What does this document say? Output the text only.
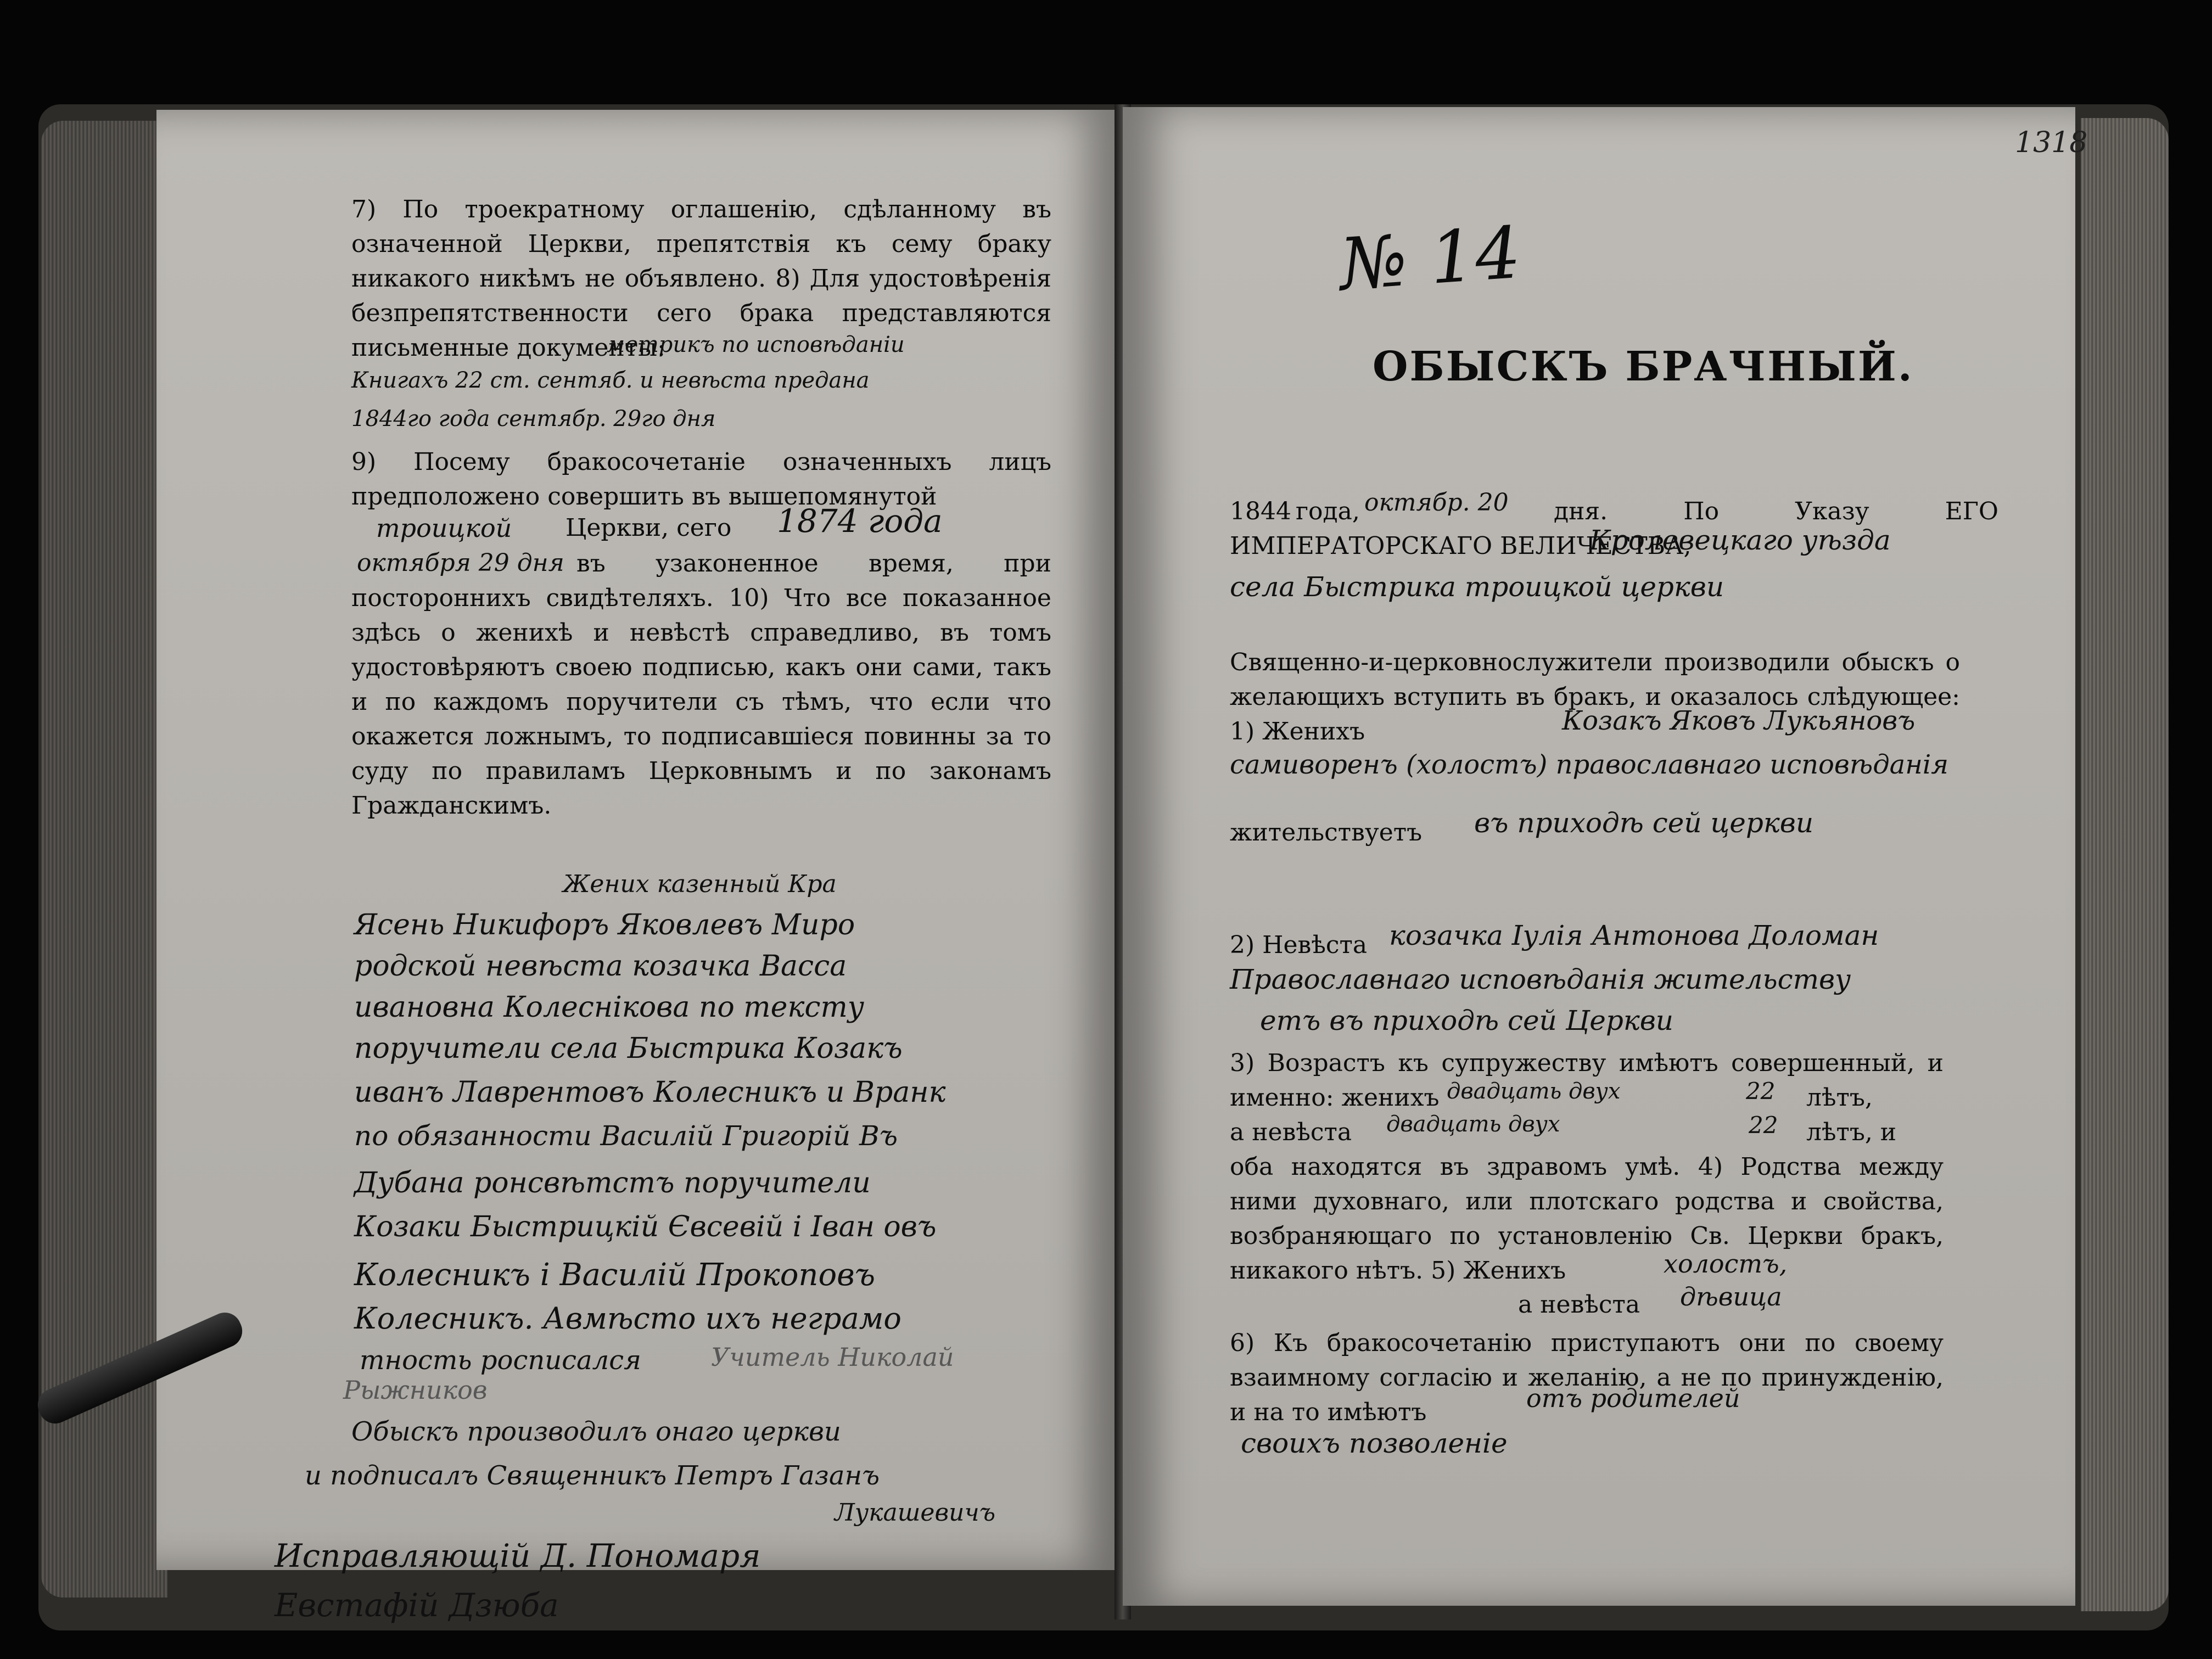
7) По троекратному оглашенію, сдѣланному въ означенной Церкви, препятствія къ сему браку никакого никѣмъ не объявлено. 8) Для удостовѣренія безпрепятственности сего брака представляются письменные документы:

метрикъ по исповѣданіи
Книгахъ 22 ст. сентяб. и невѣста предана
1844го года сентябр. 29го дня

9) Посему бракосочетаніе означенныхъ лицъ предположено совершить въ вышепомянутой

троицкой Церкви, сего 1874 года
октября 29 дня въ узаконенное время, при постороннихъ свидѣтеляхъ. 10) Что все показанное здѣсь о женихѣ и невѣстѣ справедливо, въ томъ удостовѣряютъ своею подписью, какъ они сами, такъ и по каждомъ поручители съ тѣмъ, что если что окажется ложнымъ, то подписавшіеся повинны за то суду по правиламъ Церковнымъ и по законамъ Гражданскимъ.
Жених казенный Кра
Ясень Никифоръ Яковлевъ Миро
родской невѣста козачка Васса
ивановна Колеснікова по тексту
поручители села Быстрика Козакъ
иванъ Лаврентовъ Колесникъ и Вранк
по обязанности Василій Григорій Въ
Дубана ронсвѣтстъ поручители
Козаки Быстрицкій Євсевій і Іван овъ
Колесникъ і Василій Прокоповъ
Колесникъ. Авмѣсто ихъ неграмо
тность росписался	Учитель Николай
Рыжников
Обыскъ производилъ онаго церкви
и подписалъ Священникъ Петръ Газанъ
Лукашевичъ
Исправляющій Д. Пономаря
Евстафій Дзюба
1318
№ 14
ОБЫСКЪ БРАЧНЫЙ.
1844 года, октябр. 20	дня. По Указу ЕГО ИМПЕРАТОРСКАГО ВЕЛИЧЕСТВА,
Кролевецкаго уѣзда
села Быстрика троицкой церкви
Священно-и-церковнослужители производили обыскъ о желающихъ вступить въ бракъ, и оказалось слѣдующее: 1) Женихъ	Козакъ Яковъ Лукьяновъ
самиворенъ (холостъ) православнаго исповѣданія
жительствуетъ въ приходѣ сей церкви
2) Невѣста козачка Іулія Антонова Доломан
Православнаго исповѣданія жительству
етъ въ приходѣ сей Церкви
3) Возрастъ къ супружеству имѣютъ совершенный, и именно: женихъ двадцать двух	22 лѣтъ,
а невѣста двадцать двух	22 лѣтъ, и
оба находятся въ здравомъ умѣ. 4) Родства между ними духовнаго, или плотскаго родства и свойства, возбраняющаго по установленію Св. Церкви бракъ, никакого нѣтъ. 5) Женихъ	холостъ,
а невѣста дѣвица
6) Къ бракосочетанію приступаютъ они по своему взаимному согласію и желанію, а не по принужденію, и на то имѣютъ	отъ родителей
своихъ позволеніе
